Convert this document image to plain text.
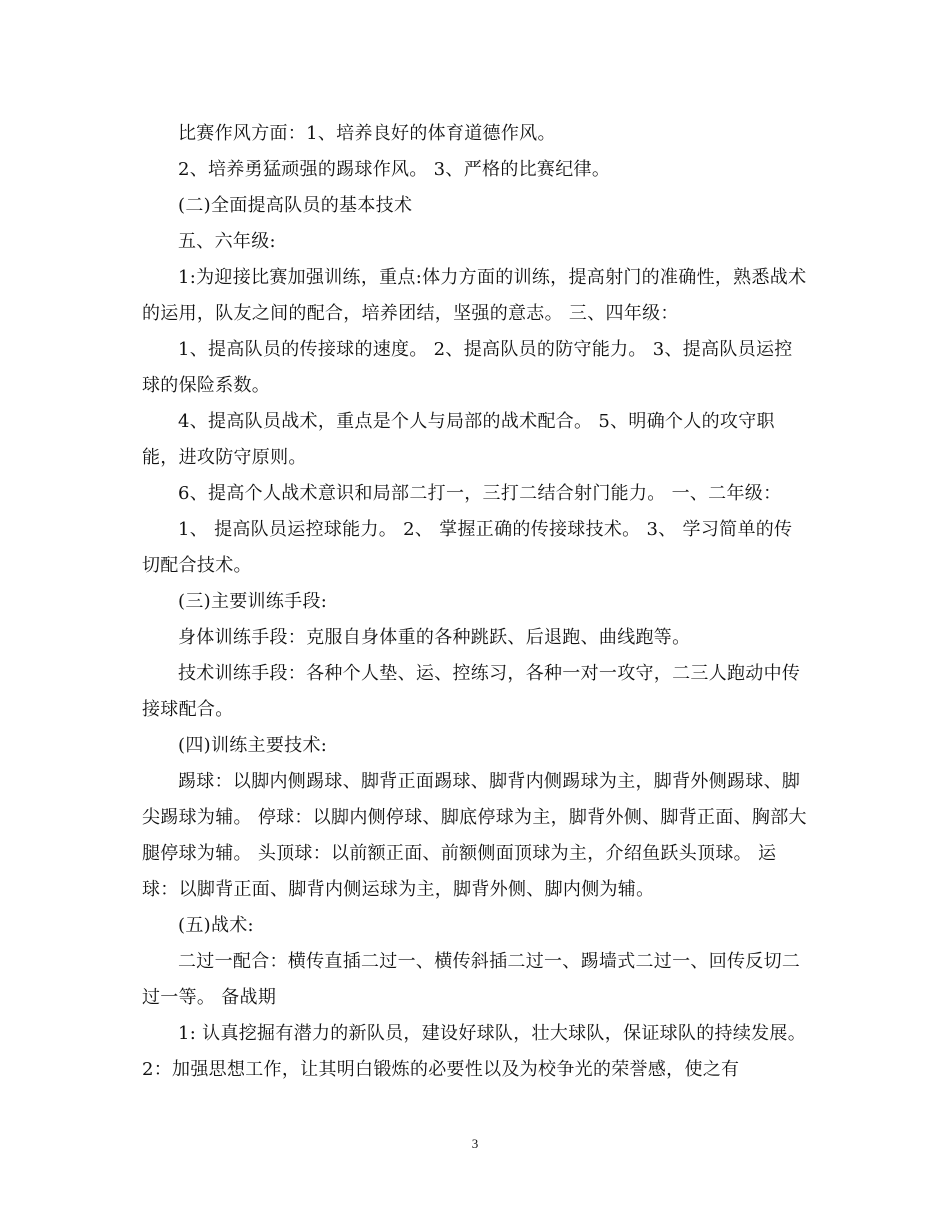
比赛作风方面：1、培养良好的体育道德作风。

2、培养勇猛顽强的踢球作风。 3、严格的比赛纪律。

(二)全面提高队员的基本技术

五、六年级:

1:为迎接比赛加强训练，重点:体力方面的训练，提高射门的准确性，熟悉战术的运用，队友之间的配合，培养团结，坚强的意志。 三、四年级：

1、提高队员的传接球的速度。 2、提高队员的防守能力。 3、提高队员运控球的保险系数。

4、提高队员战术，重点是个人与局部的战术配合。 5、明确个人的攻守职能，进攻防守原则。

6、提高个人战术意识和局部二打一，三打二结合射门能力。 一、二年级：

1、 提高队员运控球能力。 2、 掌握正确的传接球技术。 3、 学习简单的传切配合技术。

(三)主要训练手段:

身体训练手段：克服自身体重的各种跳跃、后退跑、曲线跑等。

技术训练手段：各种个人垫、运、控练习，各种一对一攻守，二三人跑动中传接球配合。

(四)训练主要技术:

踢球：以脚内侧踢球、脚背正面踢球、脚背内侧踢球为主，脚背外侧踢球、脚尖踢球为辅。 停球：以脚内侧停球、脚底停球为主，脚背外侧、脚背正面、胸部大腿停球为辅。 头顶球：以前额正面、前额侧面顶球为主，介绍鱼跃头顶球。 运球：以脚背正面、脚背内侧运球为主，脚背外侧、脚内侧为辅。

(五)战术:

二过一配合：横传直插二过一、横传斜插二过一、踢墙式二过一、回传反切二过一等。 备战期

1: 认真挖掘有潜力的新队员，建设好球队，壮大球队，保证球队的持续发展。 2：加强思想工作，让其明白锻炼的必要性以及为校争光的荣誉感，使之有

3
